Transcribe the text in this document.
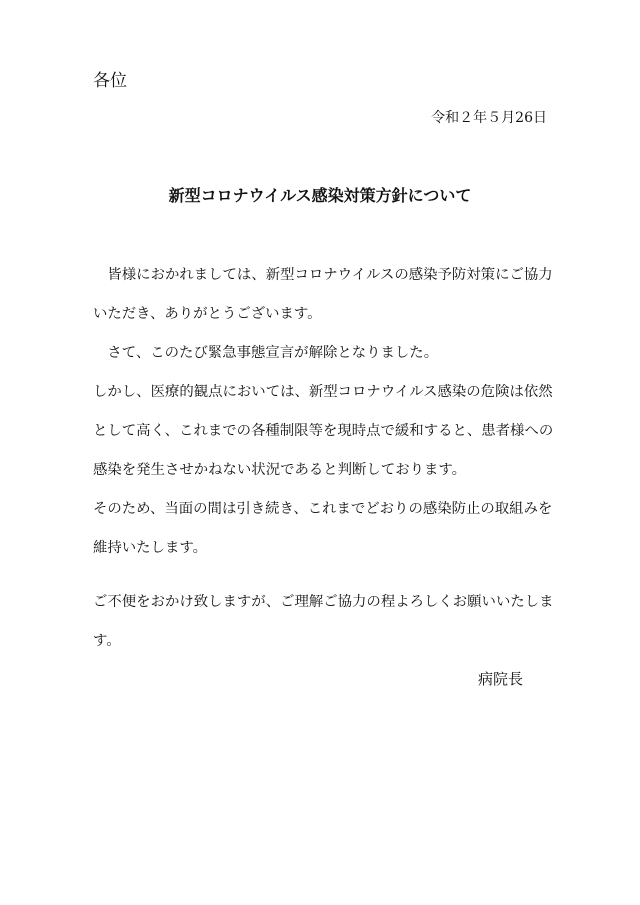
各位

令和２年５月26日

新型コロナウイルス感染対策方針について

皆様におかれましては、新型コロナウイルスの感染予防対策にご協力いただき、ありがとうございます。

さて、このたび緊急事態宣言が解除となりました。

しかし、医療的観点においては、新型コロナウイルス感染の危険は依然として高く、これまでの各種制限等を現時点で緩和すると、患者様への感染を発生させかねない状況であると判断しております。

そのため、当面の間は引き続き、これまでどおりの感染防止の取組みを維持いたします。

ご不便をおかけ致しますが、ご理解ご協力の程よろしくお願いいたします。

病院長
